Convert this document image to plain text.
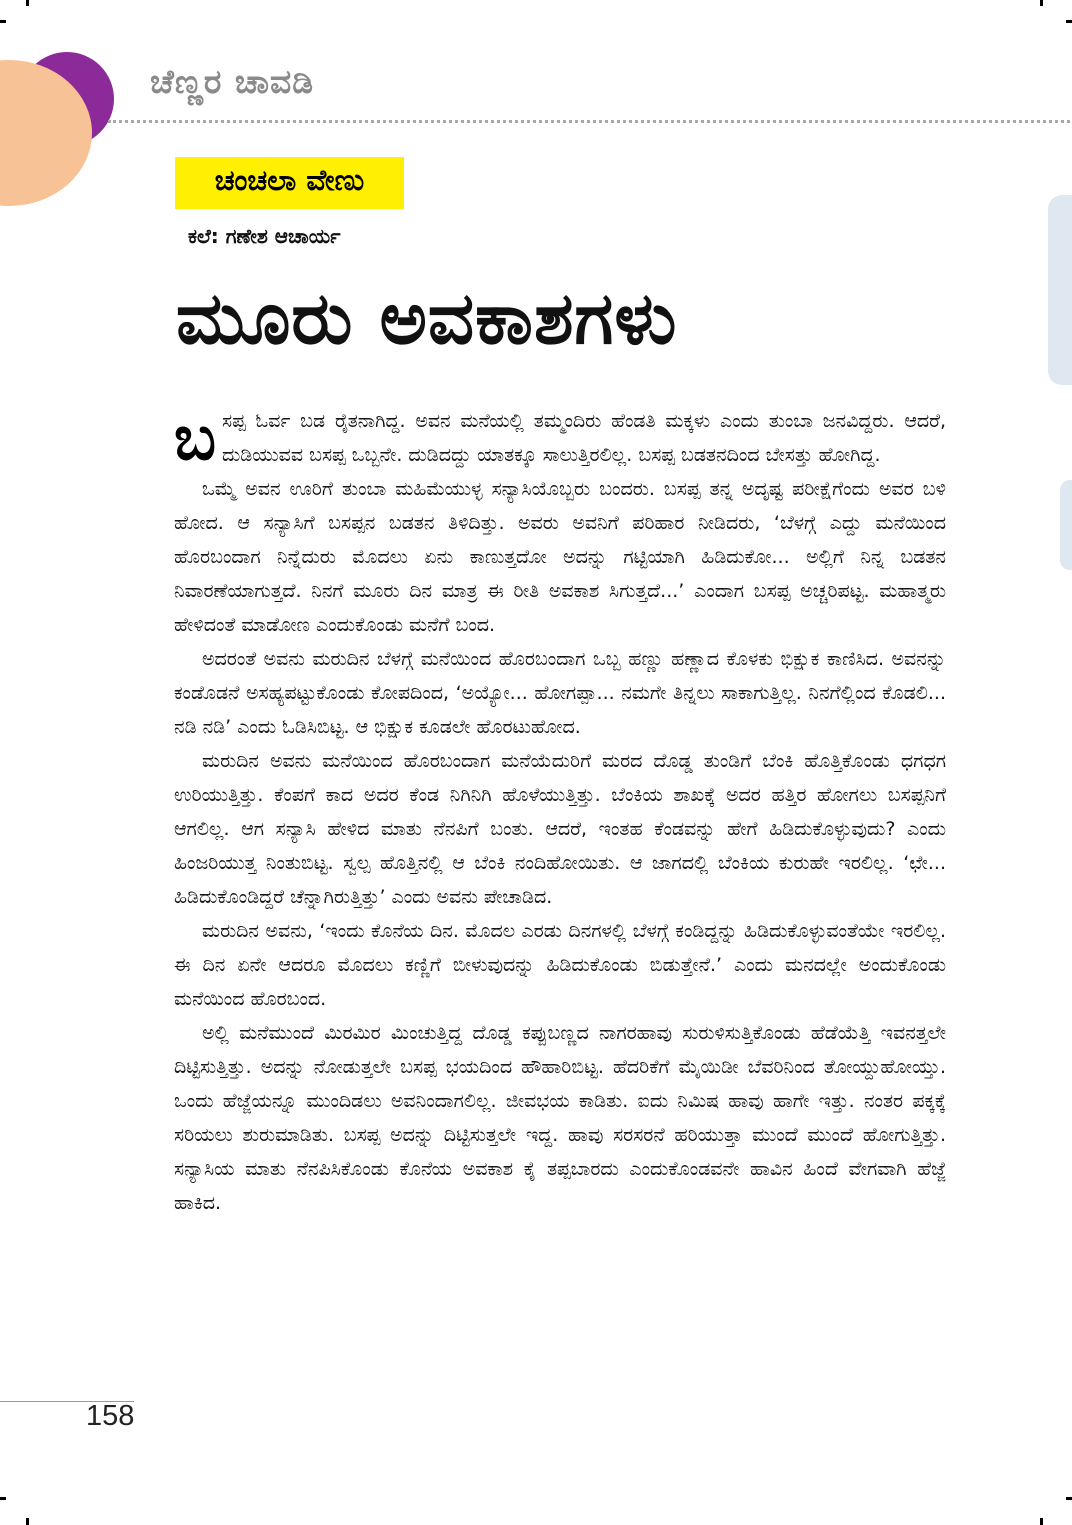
ಚೆಣ್ಣರ ಚಾವಡಿ
ಚಂಚಲಾ ವೇಣು
ಕಲೆ: ಗಣೇಶ ಆಚಾರ್ಯ
ಮೂರು ಅವಕಾಶಗಳು

ಬಸಪ್ಪ ಓರ್ವ ಬಡ ರೈತನಾಗಿದ್ದ. ಅವನ ಮನೆಯಲ್ಲಿ ತಮ್ಮಂದಿರು ಹೆಂಡತಿ ಮಕ್ಕಳು ಎಂದು ತುಂಬಾ ಜನವಿದ್ದರು. ಆದರೆ, ದುಡಿಯುವವ ಬಸಪ್ಪ ಒಬ್ಬನೇ. ದುಡಿದದ್ದು ಯಾತಕ್ಕೂ ಸಾಲುತ್ತಿರಲಿಲ್ಲ. ಬಸಪ್ಪ ಬಡತನದಿಂದ ಬೇಸತ್ತು ಹೋಗಿದ್ದ.

ಒಮ್ಮೆ ಅವನ ಊರಿಗೆ ತುಂಬಾ ಮಹಿಮೆಯುಳ್ಳ ಸನ್ಯಾಸಿಯೊಬ್ಬರು ಬಂದರು. ಬಸಪ್ಪ ತನ್ನ ಅದೃಷ್ಟ ಪರೀಕ್ಷೆಗೆಂದು ಅವರ ಬಳಿ ಹೋದ. ಆ ಸನ್ಯಾಸಿಗೆ ಬಸಪ್ಪನ ಬಡತನ ತಿಳಿದಿತ್ತು. ಅವರು ಅವನಿಗೆ ಪರಿಹಾರ ನೀಡಿದರು, ‘ಬೆಳಗ್ಗೆ ಎದ್ದು ಮನೆಯಿಂದ ಹೊರಬಂದಾಗ ನಿನ್ನೆದುರು ಮೊದಲು ಏನು ಕಾಣುತ್ತದೋ ಅದನ್ನು ಗಟ್ಟಿಯಾಗಿ ಹಿಡಿದುಕೋ... ಅಲ್ಲಿಗೆ ನಿನ್ನ ಬಡತನ ನಿವಾರಣೆಯಾಗುತ್ತದೆ. ನಿನಗೆ ಮೂರು ದಿನ ಮಾತ್ರ ಈ ರೀತಿ ಅವಕಾಶ ಸಿಗುತ್ತದೆ...’ ಎಂದಾಗ ಬಸಪ್ಪ ಅಚ್ಚರಿಪಟ್ಟ. ಮಹಾತ್ಮರು ಹೇಳಿದಂತೆ ಮಾಡೋಣ ಎಂದುಕೊಂಡು ಮನೆಗೆ ಬಂದ.

ಅದರಂತೆ ಅವನು ಮರುದಿನ ಬೆಳಗ್ಗೆ ಮನೆಯಿಂದ ಹೊರಬಂದಾಗ ಒಬ್ಬ ಹಣ್ಣು ಹಣ್ಣಾದ ಕೊಳಕು ಭಿಕ್ಷುಕ ಕಾಣಿಸಿದ. ಅವನನ್ನು ಕಂಡೊಡನೆ ಅಸಹ್ಯಪಟ್ಟುಕೊಂಡು ಕೋಪದಿಂದ, ‘ಅಯ್ಯೋ... ಹೋಗಪ್ಪಾ... ನಮಗೇ ತಿನ್ನಲು ಸಾಕಾಗುತ್ತಿಲ್ಲ. ನಿನಗೆಲ್ಲಿಂದ ಕೊಡಲಿ... ನಡಿ ನಡಿ’ ಎಂದು ಓಡಿಸಿಬಿಟ್ಟ. ಆ ಭಿಕ್ಷುಕ ಕೂಡಲೇ ಹೊರಟುಹೋದ.

ಮರುದಿನ ಅವನು ಮನೆಯಿಂದ ಹೊರಬಂದಾಗ ಮನೆಯೆದುರಿಗೆ ಮರದ ದೊಡ್ಡ ತುಂಡಿಗೆ ಬೆಂಕಿ ಹೊತ್ತಿಕೊಂಡು ಧಗಧಗ ಉರಿಯುತ್ತಿತ್ತು. ಕೆಂಪಗೆ ಕಾದ ಅದರ ಕೆಂಡ ನಿಗಿನಿಗಿ ಹೊಳೆಯುತ್ತಿತ್ತು. ಬೆಂಕಿಯ ಶಾಖಕ್ಕೆ ಅದರ ಹತ್ತಿರ ಹೋಗಲು ಬಸಪ್ಪನಿಗೆ ಆಗಲಿಲ್ಲ. ಆಗ ಸನ್ಯಾಸಿ ಹೇಳಿದ ಮಾತು ನೆನಪಿಗೆ ಬಂತು. ಆದರೆ, ಇಂತಹ ಕೆಂಡವನ್ನು ಹೇಗೆ ಹಿಡಿದುಕೊಳ್ಳುವುದು? ಎಂದು ಹಿಂಜರಿಯುತ್ತ ನಿಂತುಬಿಟ್ಟ. ಸ್ವಲ್ಪ ಹೊತ್ತಿನಲ್ಲಿ ಆ ಬೆಂಕಿ ನಂದಿಹೋಯಿತು. ಆ ಜಾಗದಲ್ಲಿ ಬೆಂಕಿಯ ಕುರುಹೇ ಇರಲಿಲ್ಲ. ‘ಛೇ... ಹಿಡಿದುಕೊಂಡಿದ್ದರೆ ಚೆನ್ನಾಗಿರುತ್ತಿತ್ತು’ ಎಂದು ಅವನು ಪೇಚಾಡಿದ.

ಮರುದಿನ ಅವನು, ‘ಇಂದು ಕೊನೆಯ ದಿನ. ಮೊದಲ ಎರಡು ದಿನಗಳಲ್ಲಿ ಬೆಳಗ್ಗೆ ಕಂಡಿದ್ದನ್ನು ಹಿಡಿದುಕೊಳ್ಳುವಂತೆಯೇ ಇರಲಿಲ್ಲ. ಈ ದಿನ ಏನೇ ಆದರೂ ಮೊದಲು ಕಣ್ಣಿಗೆ ಬೀಳುವುದನ್ನು ಹಿಡಿದುಕೊಂಡು ಬಿಡುತ್ತೇನೆ.’ ಎಂದು ಮನದಲ್ಲೇ ಅಂದುಕೊಂಡು ಮನೆಯಿಂದ ಹೊರಬಂದ.

ಅಲ್ಲಿ ಮನೆಮುಂದೆ ಮಿರಮಿರ ಮಿಂಚುತ್ತಿದ್ದ ದೊಡ್ಡ ಕಪ್ಪುಬಣ್ಣದ ನಾಗರಹಾವು ಸುರುಳಿಸುತ್ತಿಕೊಂಡು ಹೆಡೆಯೆತ್ತಿ ಇವನತ್ತಲೇ ದಿಟ್ಟಿಸುತ್ತಿತ್ತು. ಅದನ್ನು ನೋಡುತ್ತಲೇ ಬಸಪ್ಪ ಭಯದಿಂದ ಹೌಹಾರಿಬಿಟ್ಟ. ಹೆದರಿಕೆಗೆ ಮೈಯಿಡೀ ಬೆವರಿನಿಂದ ತೋಯ್ದುಹೋಯ್ತು. ಒಂದು ಹೆಜ್ಜೆಯನ್ನೂ ಮುಂದಿಡಲು ಅವನಿಂದಾಗಲಿಲ್ಲ. ಜೀವಭಯ ಕಾಡಿತು. ಐದು ನಿಮಿಷ ಹಾವು ಹಾಗೇ ಇತ್ತು. ನಂತರ ಪಕ್ಕಕ್ಕೆ ಸರಿಯಲು ಶುರುಮಾಡಿತು. ಬಸಪ್ಪ ಅದನ್ನು ದಿಟ್ಟಿಸುತ್ತಲೇ ಇದ್ದ. ಹಾವು ಸರಸರನೆ ಹರಿಯುತ್ತಾ ಮುಂದೆ ಮುಂದೆ ಹೋಗುತ್ತಿತ್ತು. ಸನ್ಯಾಸಿಯ ಮಾತು ನೆನಪಿಸಿಕೊಂಡು ಕೊನೆಯ ಅವಕಾಶ ಕೈ ತಪ್ಪಬಾರದು ಎಂದುಕೊಂಡವನೇ ಹಾವಿನ ಹಿಂದೆ ವೇಗವಾಗಿ ಹೆಜ್ಜೆ ಹಾಕಿದ.

158
